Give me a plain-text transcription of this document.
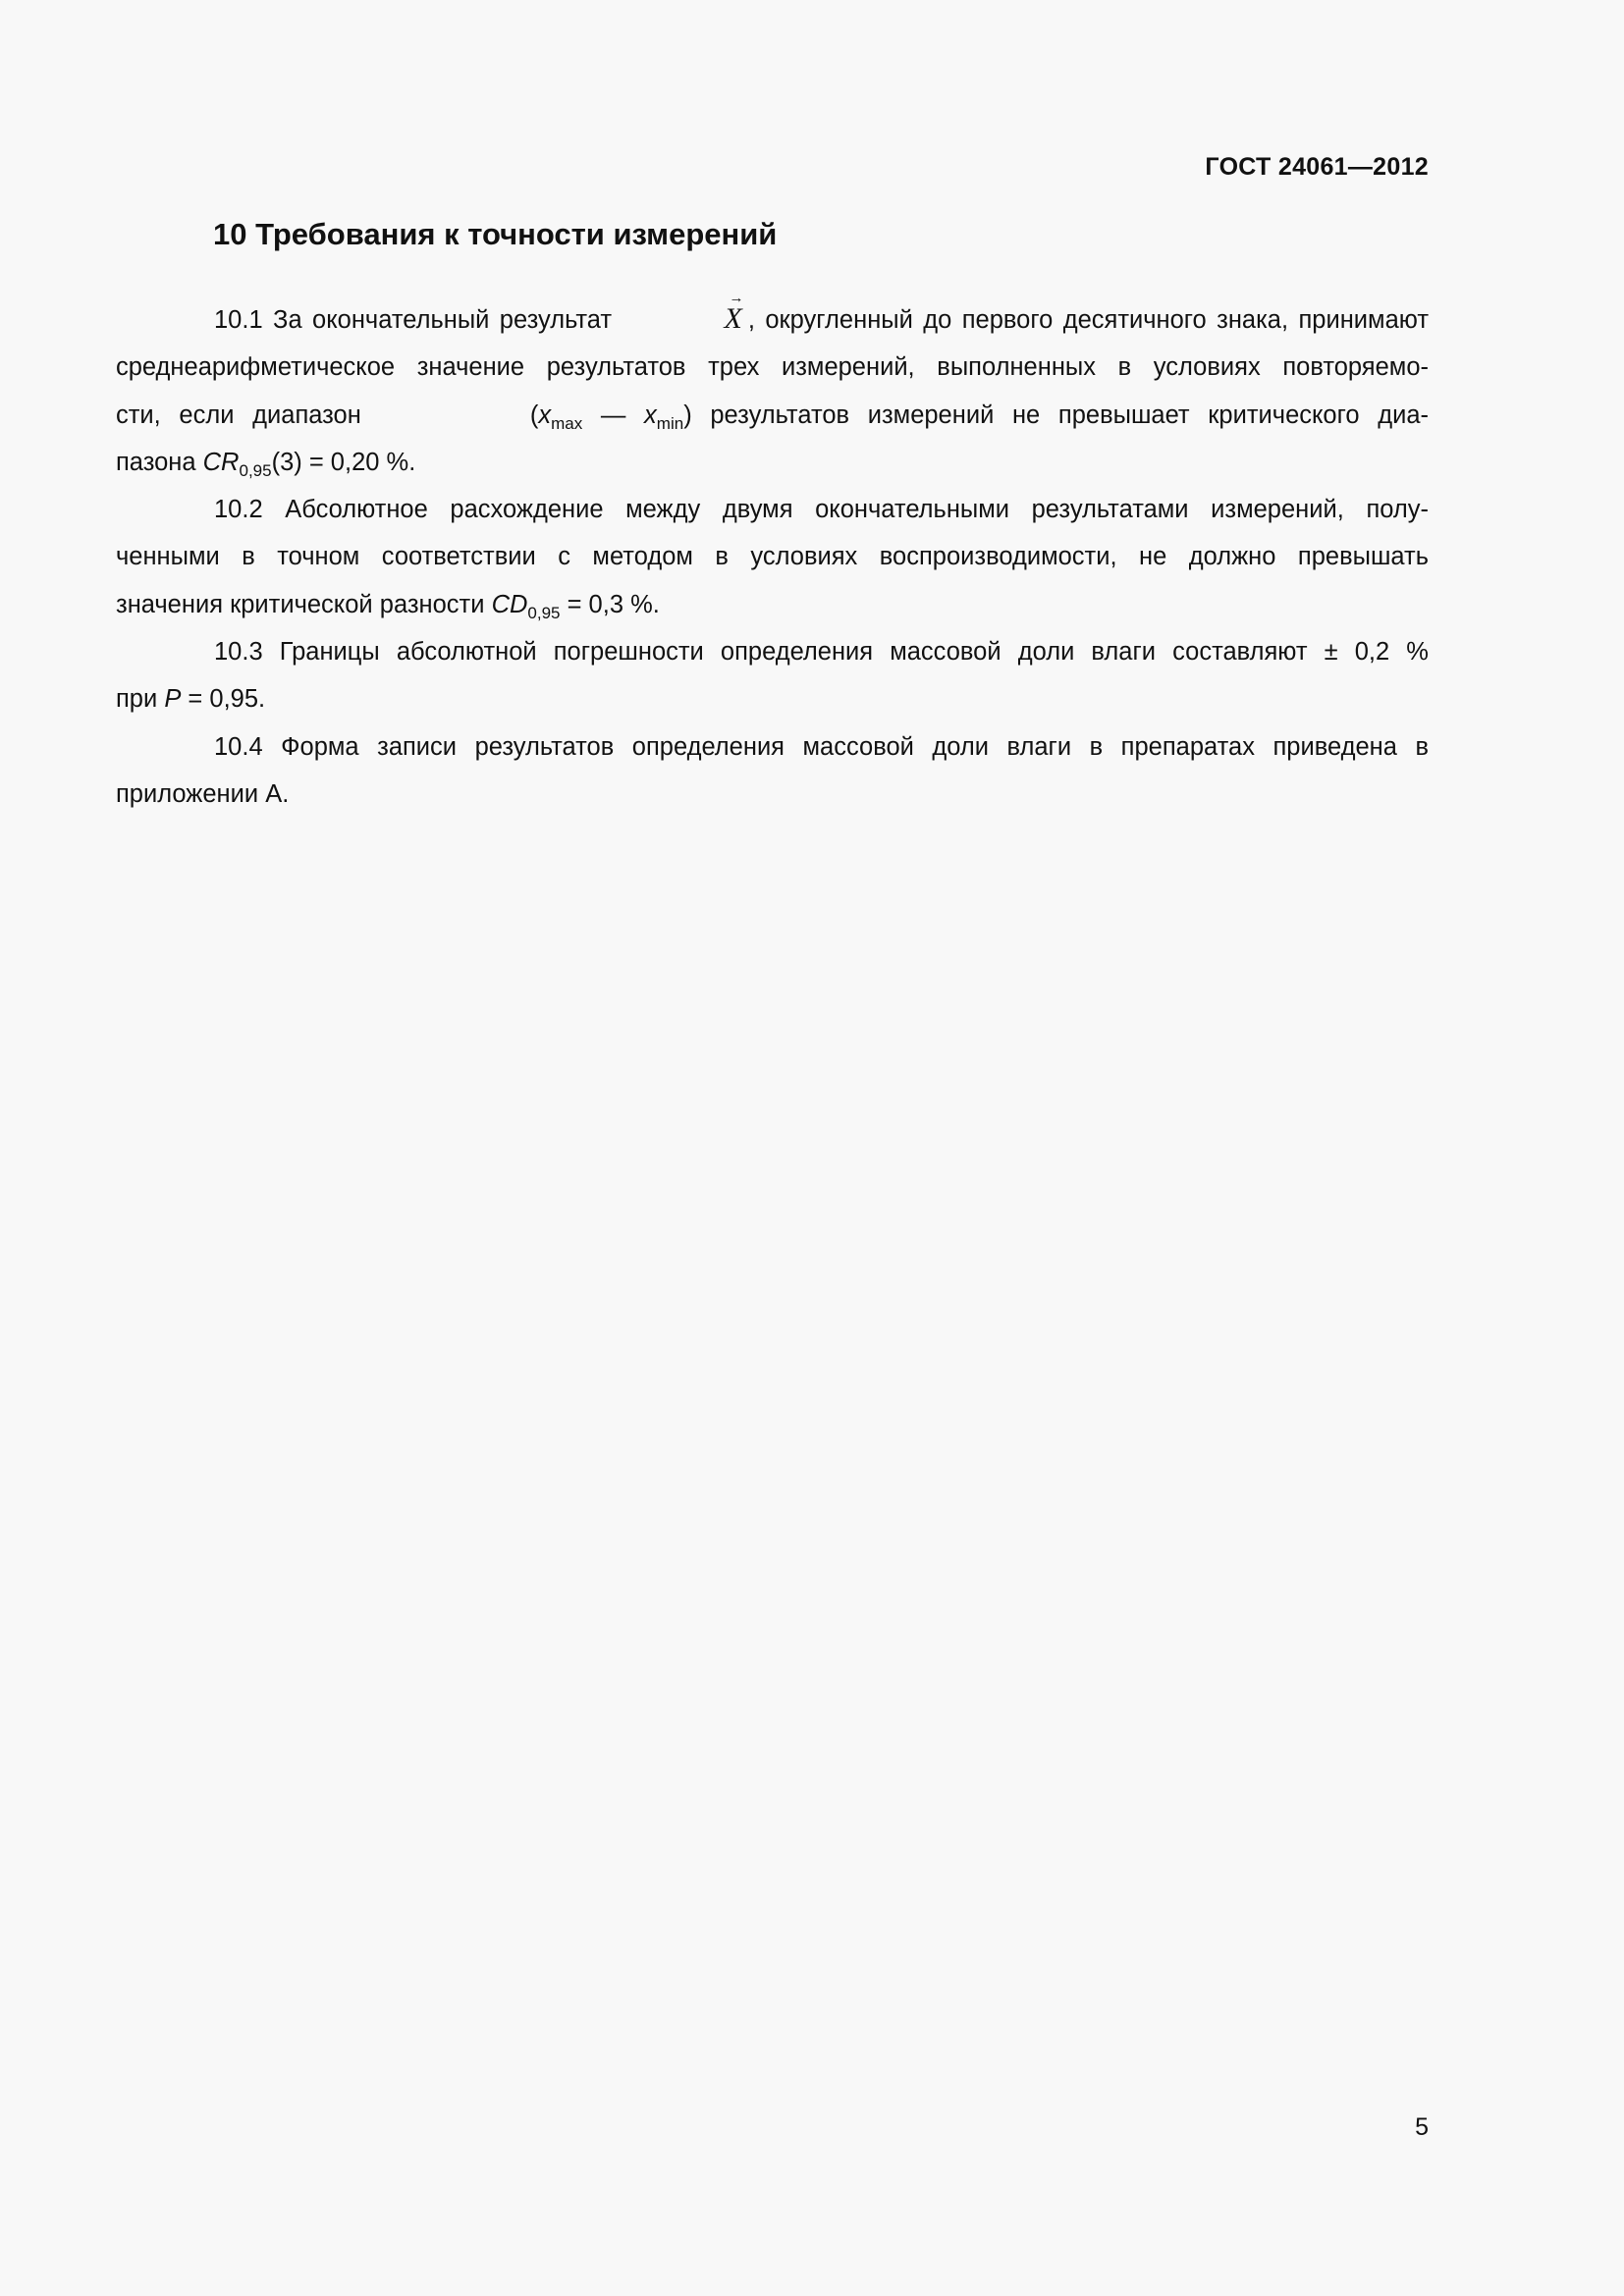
ГОСТ 24061—2012
10 Требования к точности измерений
10.1 За окончательный результат
→
X , округленный до первого десятичного знака, принимают
среднеарифметическое значение результатов трех измерений, выполненных в условиях повторяемо-
сти, если диапазон	($x_{max}$ — $x_{min}$) результатов измерений не превышает критического диа-
пазона $CR_{0,95}(3) = 0,20$ %.
10.2 Абсолютное расхождение между двумя окончательными результатами измерений, полу-
ченными в точном соответствии с методом в условиях воспроизводимости, не должно превышать
значения критической разности $CD_{0,95} = 0,3$ %.
10.3 Границы абсолютной погрешности определения массовой доли влаги составляют ± 0,2 %
при P = 0,95.
10.4 Форма записи результатов определения массовой доли влаги в препаратах приведена в
приложении А.
5
